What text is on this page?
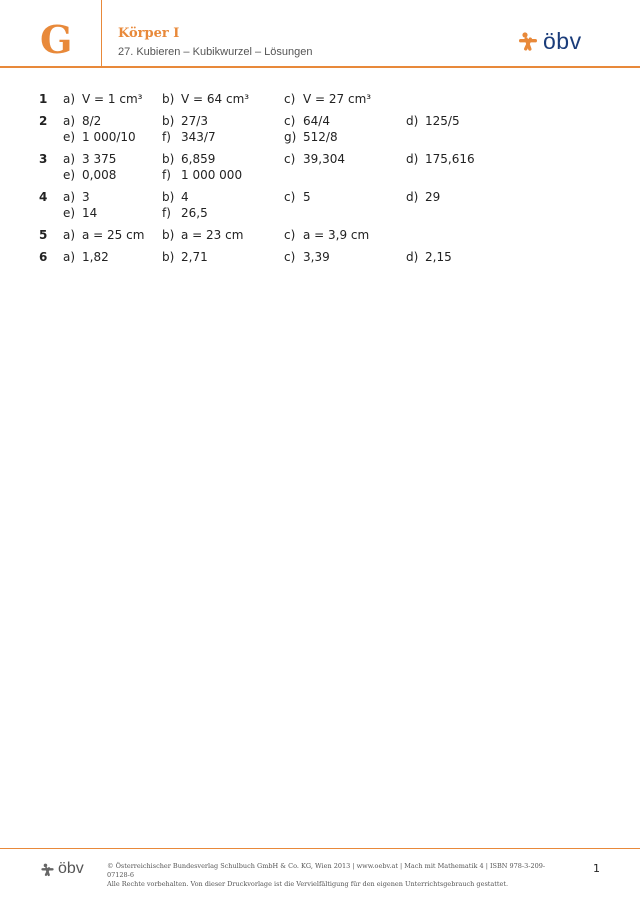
G	Körper I
27. Kubieren – Kubikwurzel – Lösungen	öbv
1	a) V = 1 cm³ b) V = 64 cm³	c) V = 27 cm³
2	a) 8/2	b) 27/3	c) 64/4	d) 125/5
e) 1 000/10 f) 343/7	g) 512/8
3	a) 3 375	b) 6,859	c) 39,304	d) 175,616
e) 0,008	f) 1 000 000
4	a) 3	b) 4	c) 5	d) 29
e) 14	f) 26,5
5	a) a = 25 cm b) a = 23 cm	c) a = 3,9 cm
6	a) 1,82	b) 2,71	c) 3,39	d) 2,15
öbv	© Österreichischer Bundesverlag Schulbuch GmbH & Co. KG, Wien 2013 | www.oebv.at | Mach mit Mathematik 4 | ISBN 978-3-209-07128-6
Alle Rechte vorbehalten. Von dieser Druckvorlage ist die Vervielfältigung für den eigenen Unterrichtsgebrauch gestattet.
1
